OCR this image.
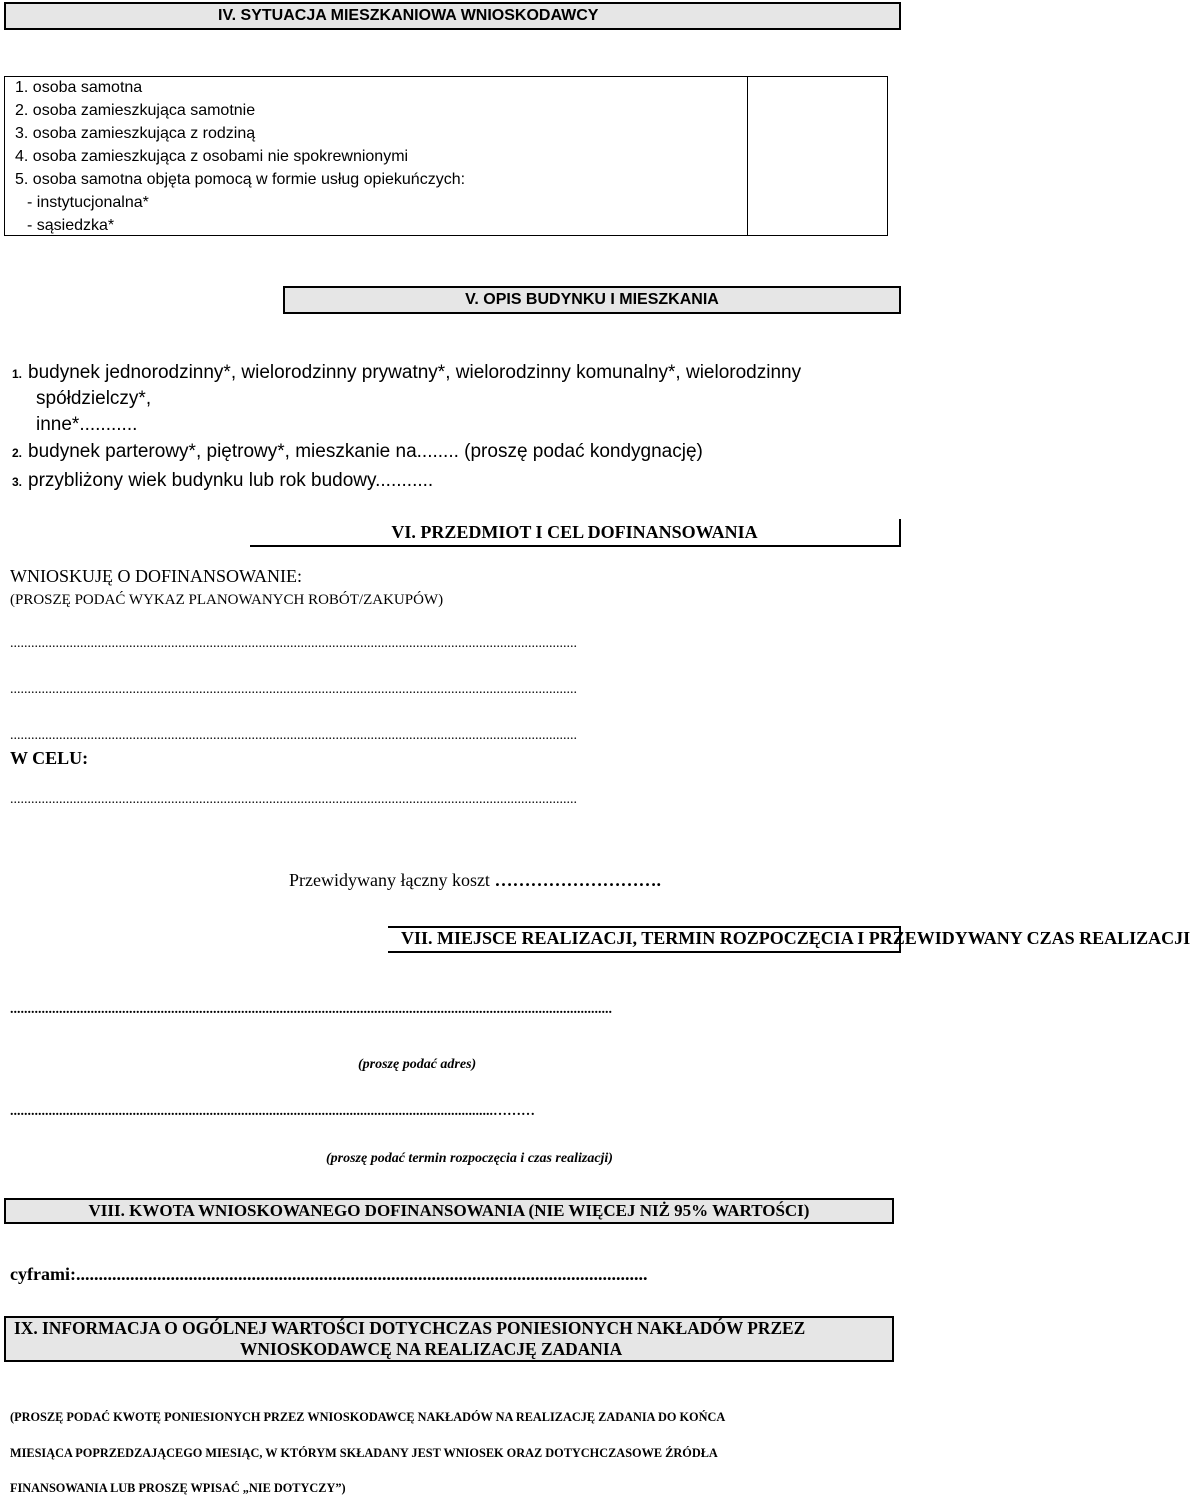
IV. SYTUACJA MIESZKANIOWA WNIOSKODAWCY
1. osoba samotna
2. osoba zamieszkująca samotnie
3. osoba zamieszkująca z rodziną
4. osoba zamieszkująca z osobami nie spokrewnionymi
5. osoba samotna objęta pomocą w formie usług opiekuńczych:
- instytucjonalna*
- sąsiedzka*
V. OPIS BUDYNKU I MIESZKANIA
1. budynek jednorodzinny*, wielorodzinny prywatny*, wielorodzinny komunalny*, wielorodzinny
spółdzielczy*,
inne*...........
2. budynek parterowy*, piętrowy*, mieszkanie na........ (proszę podać kondygnację)
3. przybliżony wiek budynku lub rok budowy...........
VI. PRZEDMIOT I CEL DOFINANSOWANIA
WNIOSKUJĘ O DOFINANSOWANIE:
(PROSZĘ PODAĆ WYKAZ PLANOWANYCH ROBÓT/ZAKUPÓW)
..................................................................................................................................................................
..................................................................................................................................................................
..................................................................................................................................................................
W CELU:
..................................................................................................................................................................
Przewidywany łączny koszt ……………………….
VII. MIEJSCE REALIZACJI, TERMIN ROZPOCZĘCIA I PRZEWIDYWANY CZAS REALIZACJI
............................................................................................................................................................................
(proszę podać adres)
..........................................................................................................................................………
(proszę podać termin rozpoczęcia i czas realizacji)
VIII. KWOTA WNIOSKOWANEGO DOFINANSOWANIA (NIE WIĘCEJ NIŻ 95% WARTOŚCI)
cyframi:...............................................................................................................................
IX. INFORMACJA O OGÓLNEJ WARTOŚCI DOTYCHCZAS PONIESIONYCH NAKŁADÓW PRZEZ
WNIOSKODAWCĘ NA REALIZACJĘ ZADANIA
(PROSZĘ PODAĆ KWOTĘ PONIESIONYCH PRZEZ WNIOSKODAWCĘ NAKŁADÓW NA REALIZACJĘ ZADANIA DO KOŃCA
MIESIĄCA POPRZEDZAJĄCEGO MIESIĄC, W KTÓRYM SKŁADANY JEST WNIOSEK ORAZ DOTYCHCZASOWE ŹRÓDŁA
FINANSOWANIA LUB PROSZĘ WPISAĆ „NIE DOTYCZY”)
